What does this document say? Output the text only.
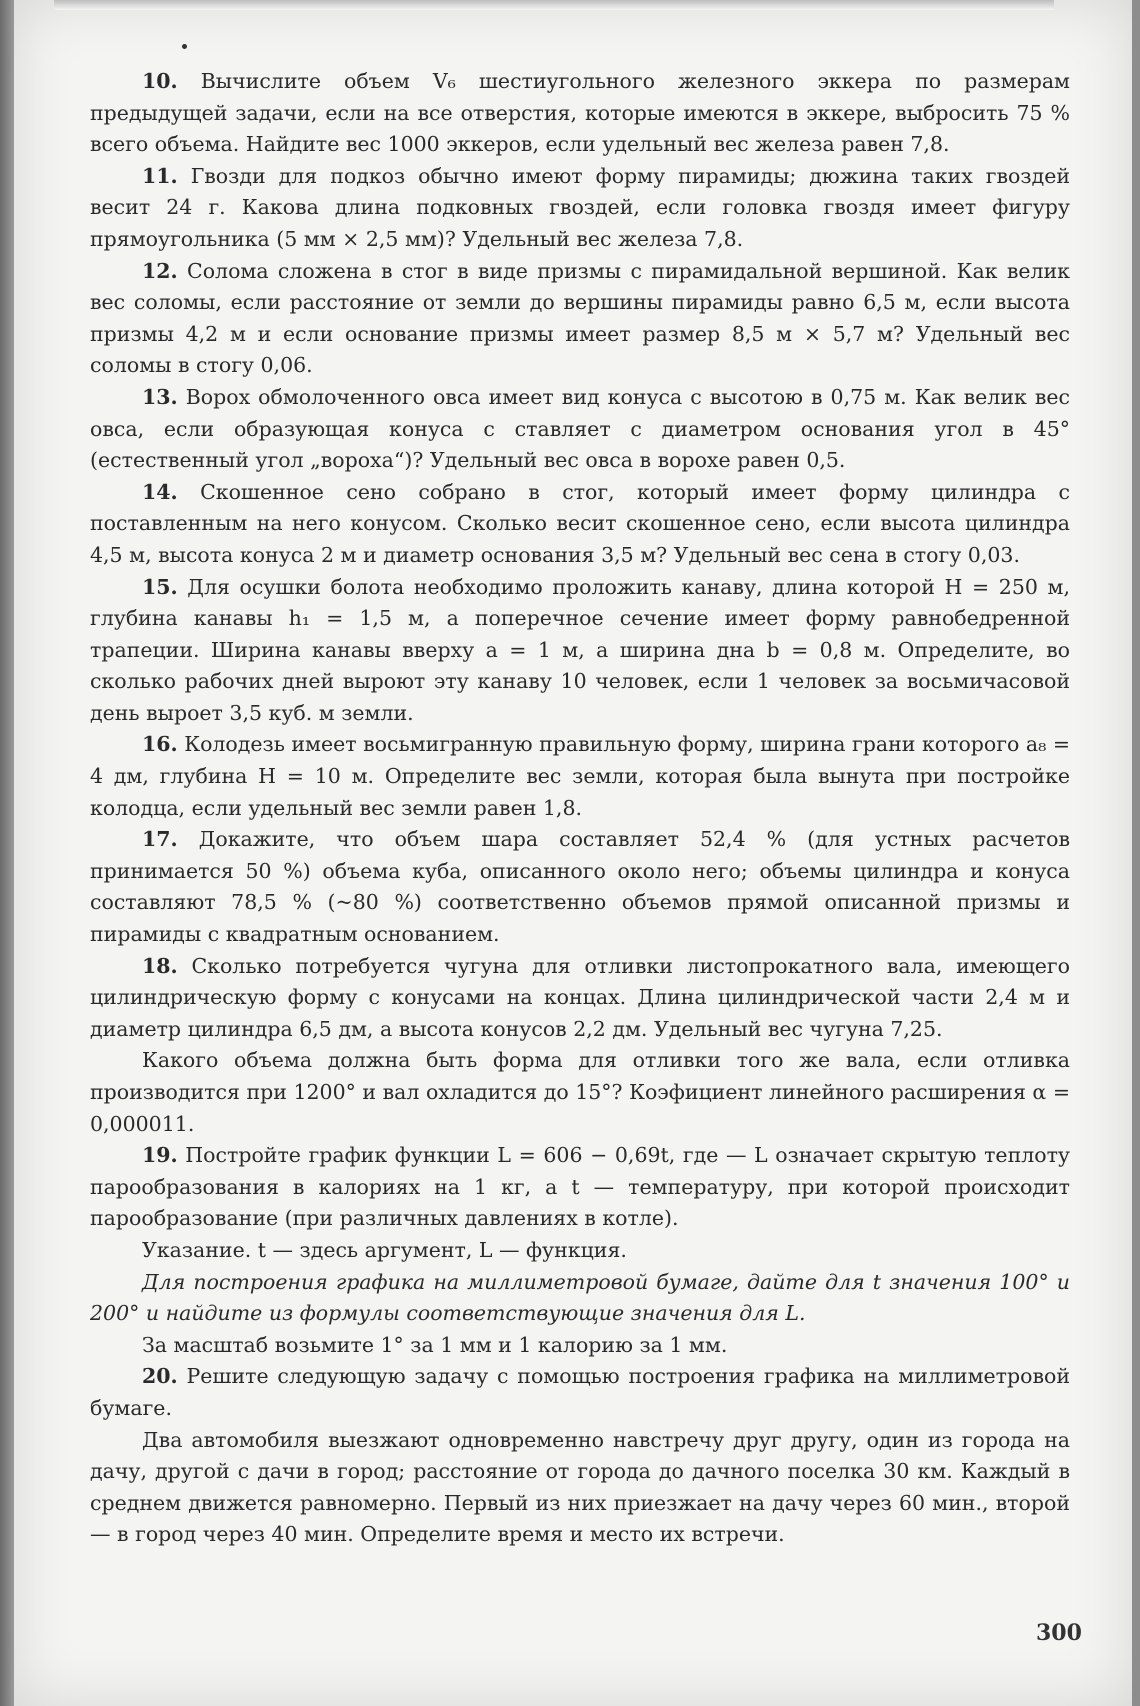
10. Вычислите объем V₆ шестиугольного железного эккера по размерам предыдущей задачи, если на все отверстия, которые имеются в эккере, выбросить 75 % всего объема. Найдите вес 1000 эккеров, если удельный вес железа равен 7,8.

11. Гвозди для подкоз обычно имеют форму пирамиды; дюжина таких гвоздей весит 24 г. Какова длина подковных гвоздей, если головка гвоздя имеет фигуру прямоугольника (5 мм × 2,5 мм)? Удельный вес железа 7,8.

12. Солома сложена в стог в виде призмы с пирамидальной вершиной. Как велик вес соломы, если расстояние от земли до вершины пирамиды равно 6,5 м, если высота призмы 4,2 м и если основание призмы имеет размер 8,5 м × 5,7 м? Удельный вес соломы в стогу 0,06.

13. Ворох обмолоченного овса имеет вид конуса с высотою в 0,75 м. Как велик вес овса, если образующая конуса с ставляет с диаметром основания угол в 45° (естественный угол „вороха“)? Удельный вес овса в ворохе равен 0,5.

14. Скошенное сено собрано в стог, который имеет форму цилиндра с поставленным на него конусом. Сколько весит скошенное сено, если высота цилиндра 4,5 м, высота конуса 2 м и диаметр основания 3,5 м? Удельный вес сена в стогу 0,03.

15. Для осушки болота необходимо проложить канаву, длина которой H = 250 м, глубина канавы h₁ = 1,5 м, а поперечное сечение имеет форму равнобедренной трапеции. Ширина канавы вверху a = 1 м, а ширина дна b = 0,8 м. Определите, во сколько рабочих дней выроют эту канаву 10 человек, если 1 человек за восьмичасовой день выроет 3,5 куб. м земли.

16. Колодезь имеет восьмигранную правильную форму, ширина грани которого a₈ = 4 дм, глубина H = 10 м. Определите вес земли, которая была вынута при постройке колодца, если удельный вес земли равен 1,8.

17. Докажите, что объем шара составляет 52,4 % (для устных расчетов принимается 50 %) объема куба, описанного около него; объемы цилиндра и конуса составляют 78,5 % (~80 %) соответственно объемов прямой описанной призмы и пирамиды с квадратным основанием.

18. Сколько потребуется чугуна для отливки листопрокатного вала, имеющего цилиндрическую форму с конусами на концах. Длина цилиндрической части 2,4 м и диаметр цилиндра 6,5 дм, а высота конусов 2,2 дм. Удельный вес чугуна 7,25.

Какого объема должна быть форма для отливки того же вала, если отливка производится при 1200° и вал охладится до 15°? Коэфициент линейного расширения α = 0,000011.

19. Постройте график функции L = 606 − 0,69t, где — L означает скрытую теплоту парообразования в калориях на 1 кг, а t — температуру, при которой происходит парообразование (при различных давлениях в котле).

Указание. t — здесь аргумент, L — функция.

Для построения графика на миллиметровой бумаге, дайте для t значения 100° и 200° и найдите из формулы соответствующие значения для L.

За масштаб возьмите 1° за 1 мм и 1 калорию за 1 мм.

20. Решите следующую задачу с помощью построения графика на миллиметровой бумаге.

Два автомобиля выезжают одновременно навстречу друг другу, один из города на дачу, другой с дачи в город; расстояние от города до дачного поселка 30 км. Каждый в среднем движется равномерно. Первый из них приезжает на дачу через 60 мин., второй — в город через 40 мин. Определите время и место их встречи.

300
